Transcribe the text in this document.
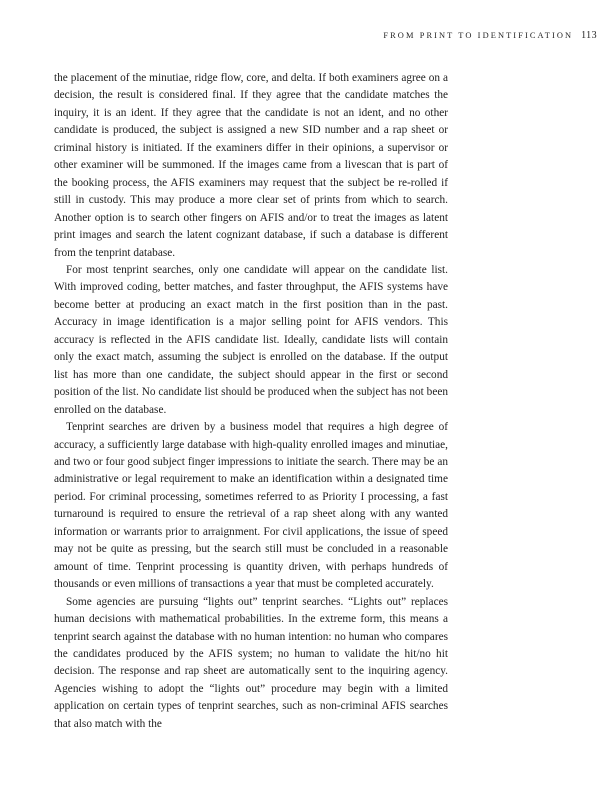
FROM PRINT TO IDENTIFICATION 113

the placement of the minutiae, ridge flow, core, and delta. If both examiners agree on a decision, the result is considered final. If they agree that the candidate matches the inquiry, it is an ident. If they agree that the candidate is not an ident, and no other candidate is produced, the subject is assigned a new SID number and a rap sheet or criminal history is initiated. If the examiners differ in their opinions, a supervisor or other examiner will be summoned. If the images came from a livescan that is part of the booking process, the AFIS examiners may request that the subject be re-rolled if still in custody. This may produce a more clear set of prints from which to search. Another option is to search other fingers on AFIS and/or to treat the images as latent print images and search the latent cognizant database, if such a database is different from the tenprint database.

For most tenprint searches, only one candidate will appear on the candidate list. With improved coding, better matches, and faster throughput, the AFIS systems have become better at producing an exact match in the first position than in the past. Accuracy in image identification is a major selling point for AFIS vendors. This accuracy is reflected in the AFIS candidate list. Ideally, candidate lists will contain only the exact match, assuming the subject is enrolled on the database. If the output list has more than one candidate, the subject should appear in the first or second position of the list. No candidate list should be produced when the subject has not been enrolled on the database.

Tenprint searches are driven by a business model that requires a high degree of accuracy, a sufficiently large database with high-quality enrolled images and minutiae, and two or four good subject finger impressions to initiate the search. There may be an administrative or legal requirement to make an identification within a designated time period. For criminal processing, sometimes referred to as Priority I processing, a fast turnaround is required to ensure the retrieval of a rap sheet along with any wanted information or warrants prior to arraignment. For civil applications, the issue of speed may not be quite as pressing, but the search still must be concluded in a reasonable amount of time. Tenprint processing is quantity driven, with perhaps hundreds of thousands or even millions of transactions a year that must be completed accurately.

Some agencies are pursuing “lights out” tenprint searches. “Lights out” replaces human decisions with mathematical probabilities. In the extreme form, this means a tenprint search against the database with no human intention: no human who compares the candidates produced by the AFIS system; no human to validate the hit/no hit decision. The response and rap sheet are automatically sent to the inquiring agency. Agencies wishing to adopt the “lights out” procedure may begin with a limited application on certain types of tenprint searches, such as non-criminal AFIS searches that also match with the
